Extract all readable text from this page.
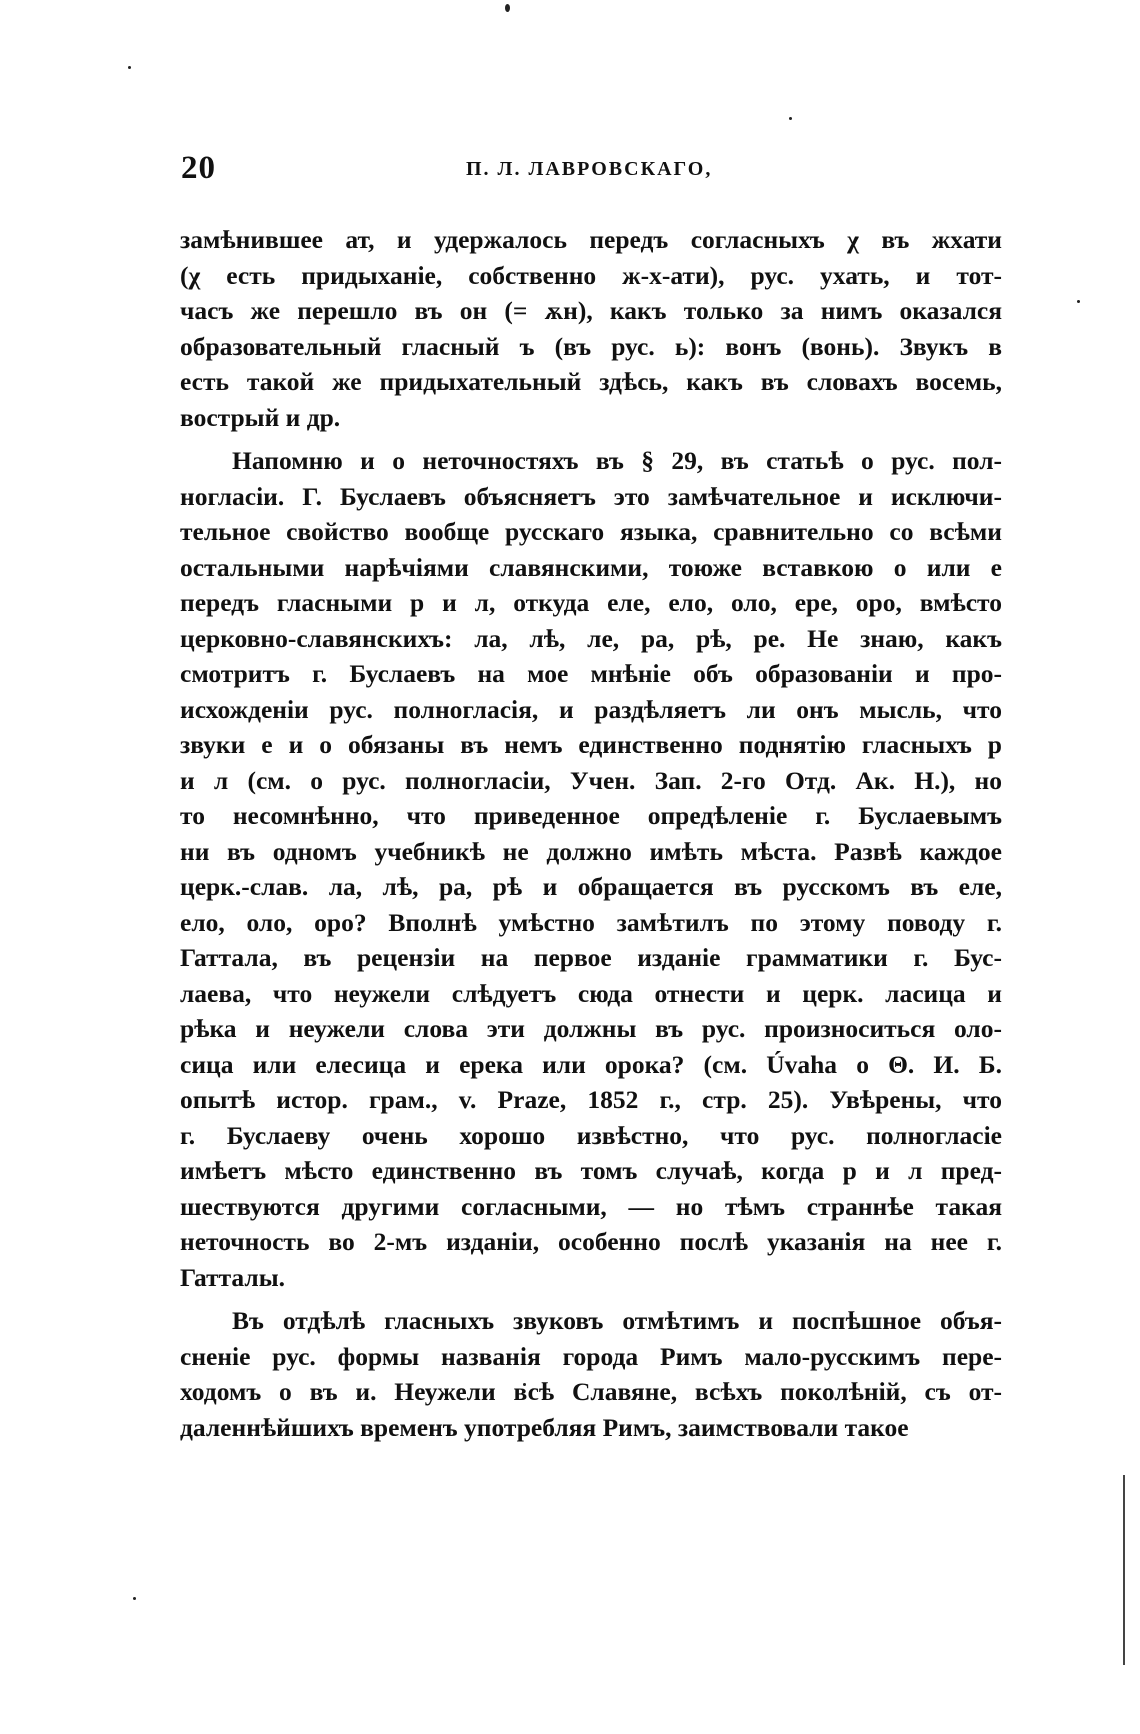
20	П. Л. ЛАВРОВСКАГО,
замѣнившее ат, и удержалось передъ согласныхъ χ въ жхати
(χ есть придыханіе, собственно ж-х-ати), рус. ухать, и тот-
часъ же перешло въ он (= ѫн), какъ только за нимъ оказался
образовательный гласный ъ (въ рус. ь): вонъ (вонь). Звукъ в
есть такой же придыхательный здѣсь, какъ въ словахъ восемь,
вострый и др.
Напомню и о неточностяхъ въ § 29, въ статьѣ о рус. пол-
ногласіи. Г. Буслаевъ объясняетъ это замѣчательное и исключи-
тельное свойство вообще русскаго языка, сравнительно со всѣми
остальными нарѣчіями славянскими, тоюже вставкою о или е
передъ гласными р и л, откуда еле, ело, оло, ере, оро, вмѣсто
церковно-славянскихъ: ла, лѣ, ле, ра, рѣ, ре. Не знаю, какъ
смотритъ г. Буслаевъ на мое мнѣніе объ образованіи и про-
исхожденіи рус. полногласія, и раздѣляетъ ли онъ мысль, что
звуки е и о обязаны въ немъ единственно поднятію гласныхъ р
и л (см. о рус. полногласіи, Учен. Зап. 2-го Отд. Ак. Н.), но
то несомнѣнно, что приведенное опредѣленіе г. Буслаевымъ
ни въ одномъ учебникѣ не должно имѣть мѣста. Развѣ каждое
церк.-слав. ла, лѣ, ра, рѣ и обращается въ русскомъ въ еле,
ело, оло, оро? Вполнѣ умѣстно замѣтилъ по этому поводу г.
Гаттала, въ рецензіи на первое изданіе грамматики г. Бус-
лаева, что неужели слѣдуетъ сюда отнести и церк. ласица и
рѣка и неужели слова эти должны въ рус. произноситься оло-
сица или елесица и ерека или орока? (см. Úvaha o Θ. И. Б.
опытѣ истор. грам., v. Praze, 1852 г., стр. 25). Увѣрены, что
г. Буслаеву очень хорошо извѣстно, что рус. полногласіе
имѣетъ мѣсто единственно въ томъ случаѣ, когда р и л пред-
шествуются другими согласными, — но тѣмъ страннѣе такая
неточность во 2-мъ изданіи, особенно послѣ указанія на нее г.
Гатталы.
Въ отдѣлѣ гласныхъ звуковъ отмѣтимъ и поспѣшное объя-
сненіе рус. формы названія города Римъ мало-русскимъ пере-
ходомъ о въ и. Неужели всѣ Славяне, всѣхъ поколѣній, съ от-
даленнѣйшихъ временъ употребляя Римъ, заимствовали такое
